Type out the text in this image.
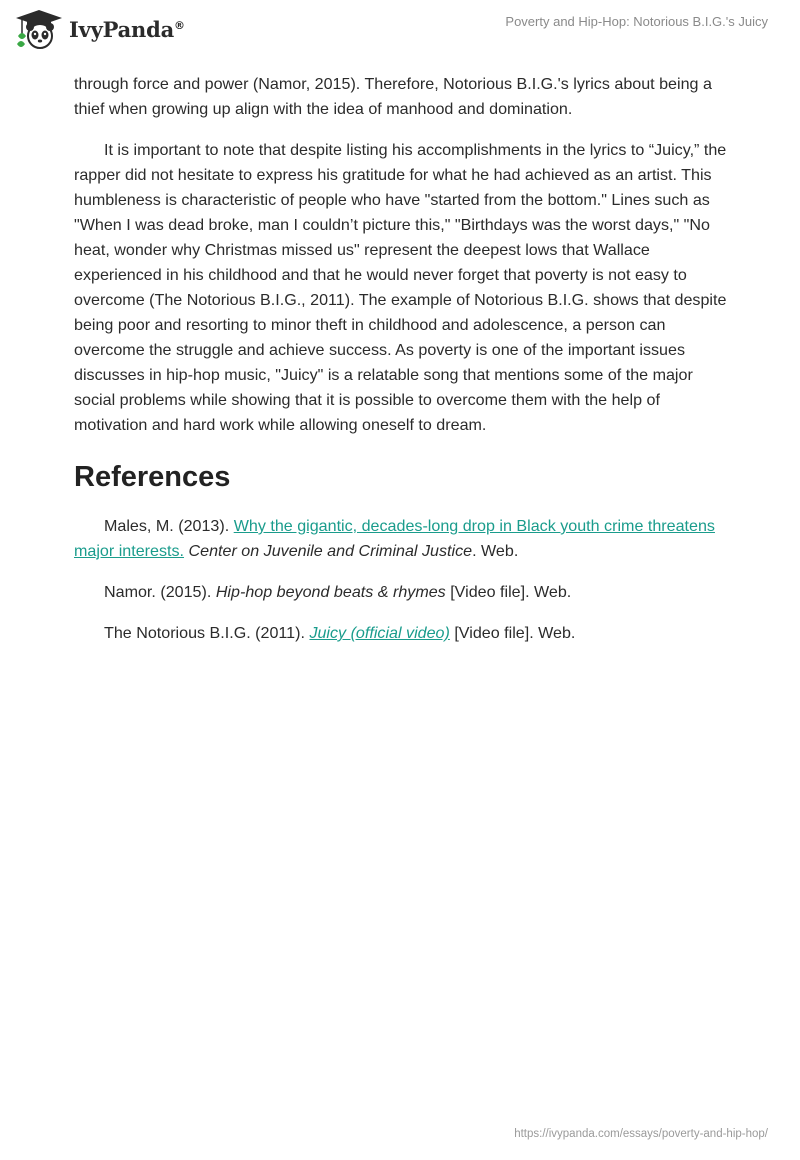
IvyPanda®	Poverty and Hip-Hop: Notorious B.I.G.'s Juicy

through force and power (Namor, 2015). Therefore, Notorious B.I.G.'s lyrics about being a thief when growing up align with the idea of manhood and domination.

It is important to note that despite listing his accomplishments in the lyrics to “Juicy,” the rapper did not hesitate to express his gratitude for what he had achieved as an artist. This humbleness is characteristic of people who have "started from the bottom." Lines such as "When I was dead broke, man I couldn’t picture this," "Birthdays was the worst days," "No heat, wonder why Christmas missed us" represent the deepest lows that Wallace experienced in his childhood and that he would never forget that poverty is not easy to overcome (The Notorious B.I.G., 2011). The example of Notorious B.I.G. shows that despite being poor and resorting to minor theft in childhood and adolescence, a person can overcome the struggle and achieve success. As poverty is one of the important issues discusses in hip-hop music, "Juicy" is a relatable song that mentions some of the major social problems while showing that it is possible to overcome them with the help of motivation and hard work while allowing oneself to dream.

References

Males, M. (2013). Why the gigantic, decades-long drop in Black youth crime threatens major interests. Center on Juvenile and Criminal Justice. Web.

Namor. (2015). Hip-hop beyond beats & rhymes [Video file]. Web.

The Notorious B.I.G. (2011). Juicy (official video) [Video file]. Web.

https://ivypanda.com/essays/poverty-and-hip-hop/
